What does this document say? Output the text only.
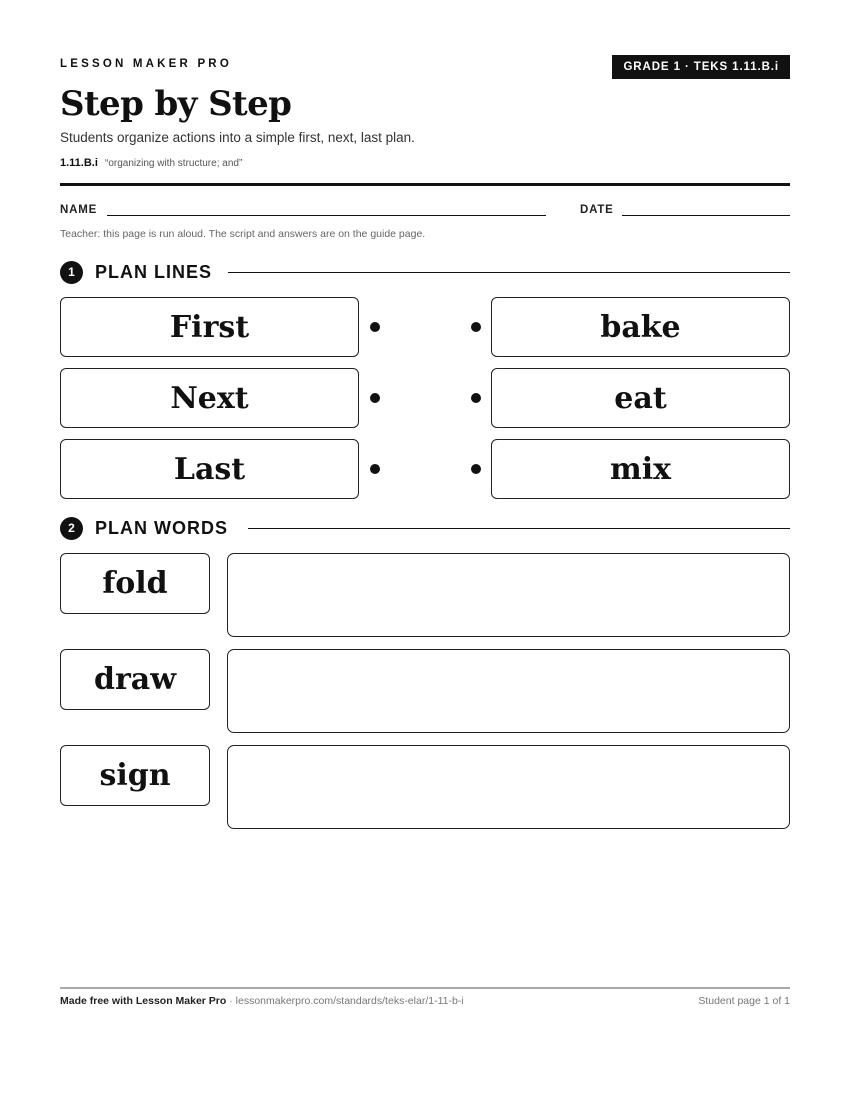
LESSON MAKER PRO	GRADE 1 · TEKS 1.11.B.i
Step by Step
Students organize actions into a simple first, next, last plan.
1.11.B.i “organizing with structure; and”
NAME	DATE
Teacher: this page is run aloud. The script and answers are on the guide page.
1	PLAN LINES
First	bake
Next	eat
Last	mix
2	PLAN WORDS
fold
draw
sign
Made free with Lesson Maker Pro · lessonmakerpro.com/standards/teks-elar/1-11-b-i	Student page 1 of 1
